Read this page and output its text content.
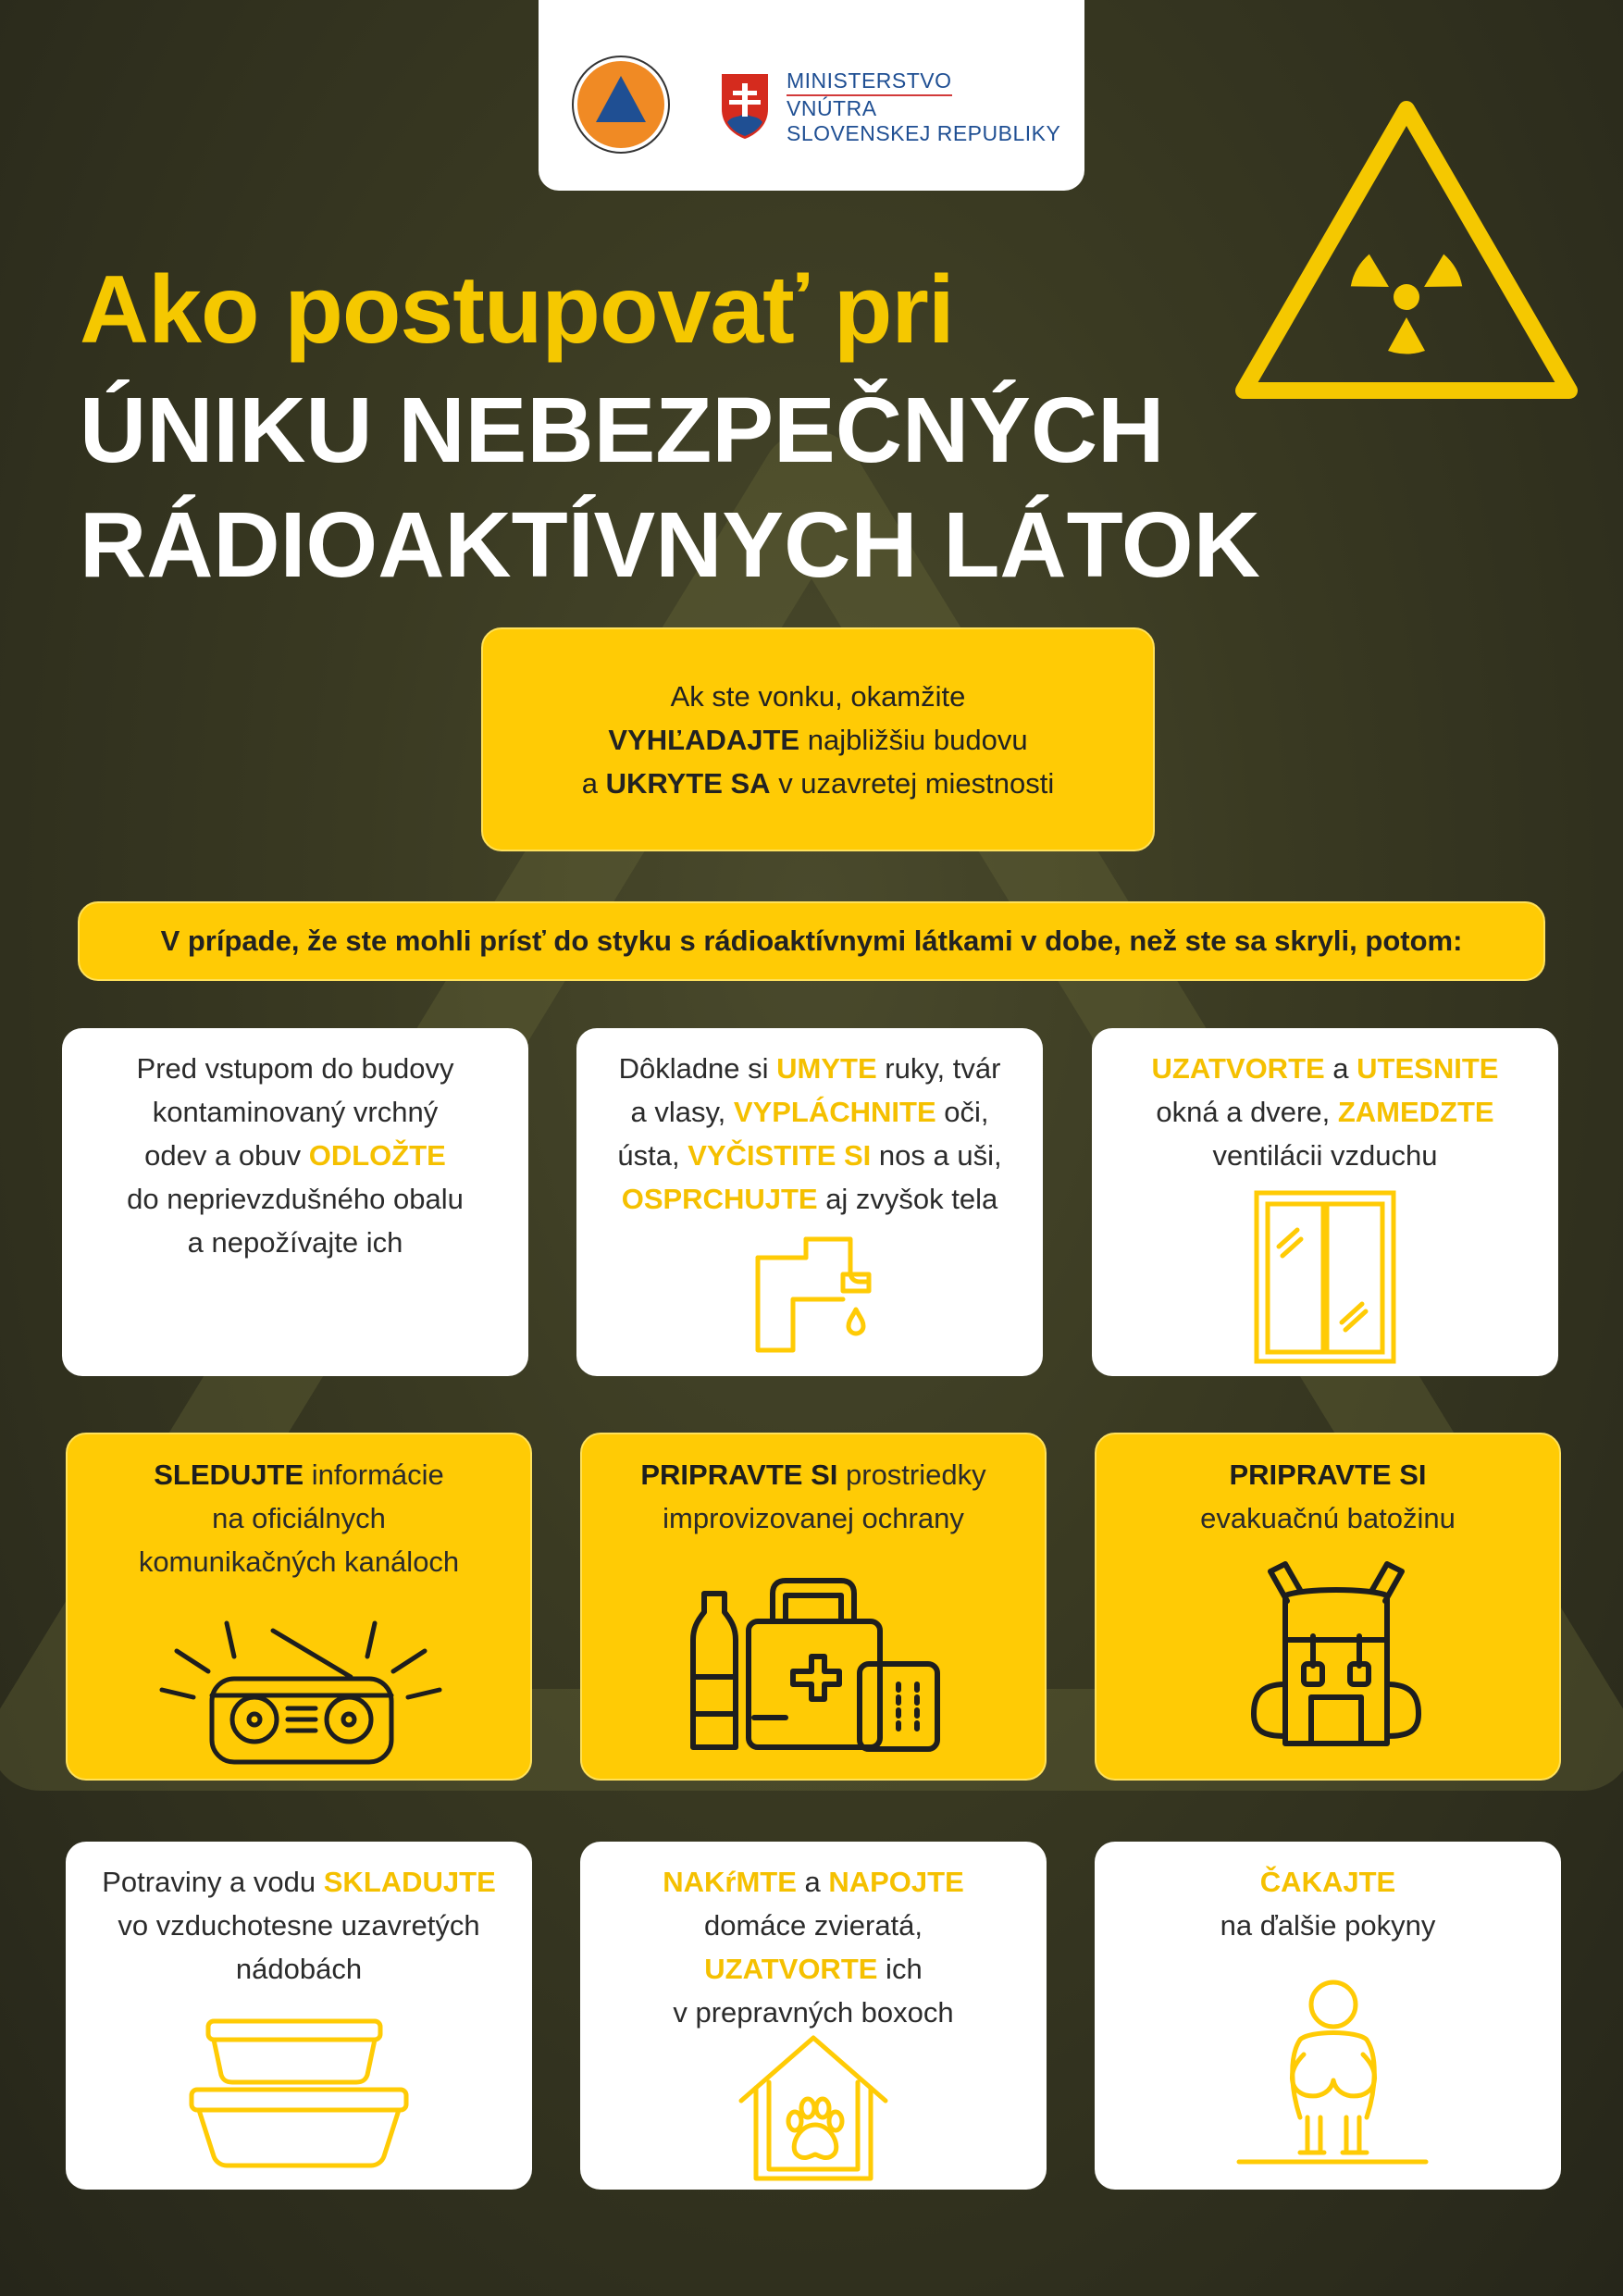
MINISTERSTVO
VNÚTRA
SLOVENSKEJ REPUBLIKY
Ako postupovať pri
ÚNIKU NEBEZPEČNÝCH
RÁDIOAKTÍVNYCH LÁTOK
Ak ste vonku, okamžite
VYHĽADAJTE najbližšiu budovu
a UKRYTE SA v uzavretej miestnosti
V prípade, že ste mohli prísť do styku s rádioaktívnymi látkami v dobe, než ste sa skryli, potom:
Pred vstupom do budovy
kontaminovaný vrchný
odev a obuv ODLOŽTE
do neprievzdušného obalu
a nepožívajte ich
Dôkladne si UMYTE ruky, tvár
a vlasy, VYPLÁCHNITE oči,
ústa, VYČISTITE SI nos a uši,
OSPRCHUJTE aj zvyšok tela
UZATVORTE a UTESNITE
okná a dvere, ZAMEDZTE
ventilácii vzduchu
SLEDUJTE informácie
na oficiálnych
komunikačných kanáloch
PRIPRAVTE SI prostriedky
improvizovanej ochrany
PRIPRAVTE SI
evakuačnú batožinu
Potraviny a vodu SKLADUJTE
vo vzduchotesne uzavretých
nádobách
NAKŕMTE a NAPOJTE
domáce zvieratá,
UZATVORTE ich
v prepravných boxoch
ČAKAJTE
na ďalšie pokyny
